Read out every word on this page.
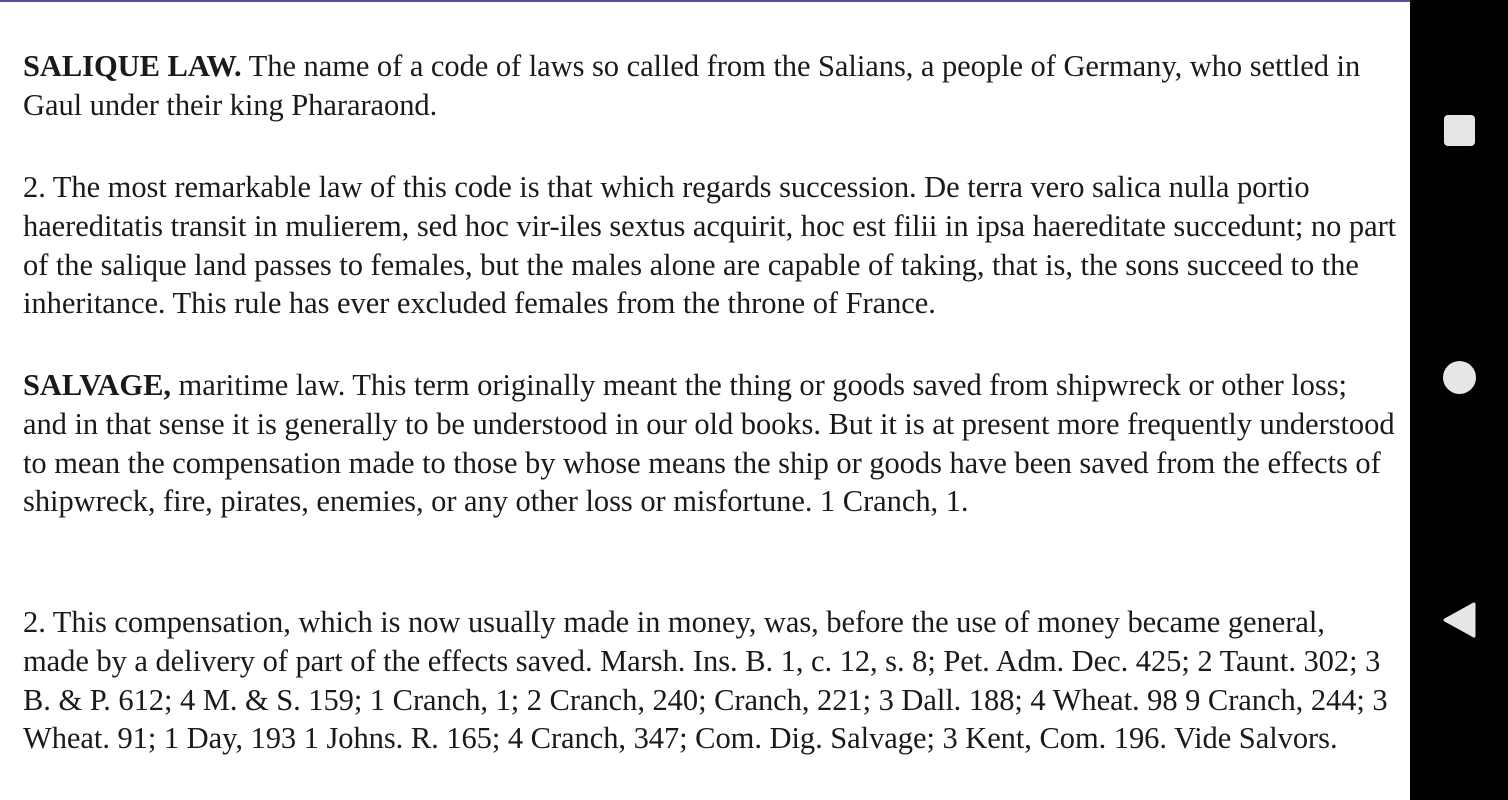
SALIQUE LAW. The name of a code of laws so called from the Salians, a people of Germany, who settled in Gaul under their king Phararaond.

2. The most remarkable law of this code is that which regards succession. De terra vero salica nulla portio haereditatis transit in mulierem, sed hoc vir-iles sextus acquirit, hoc est filii in ipsa haereditate succedunt; no part of the salique land passes to females, but the males alone are capable of taking, that is, the sons succeed to the inheritance. This rule has ever excluded females from the throne of France.

SALVAGE, maritime law. This term originally meant the thing or goods saved from shipwreck or other loss; and in that sense it is generally to be understood in our old books. But it is at present more frequently understood to mean the compensation made to those by whose means the ship or goods have been saved from the effects of shipwreck, fire, pirates, enemies, or any other loss or misfortune. 1 Cranch, 1.

2. This compensation, which is now usually made in money, was, before the use of money became general, made by a delivery of part of the effects saved. Marsh. Ins. B. 1, c. 12, s. 8; Pet. Adm. Dec. 425; 2 Taunt. 302; 3 B. & P. 612; 4 M. & S. 159; 1 Cranch, 1; 2 Cranch, 240; Cranch, 221; 3 Dall. 188; 4 Wheat. 98 9 Cranch, 244; 3 Wheat. 91; 1 Day, 193 1 Johns. R. 165; 4 Cranch, 347; Com. Dig. Salvage; 3 Kent, Com. 196. Vide Salvors.
